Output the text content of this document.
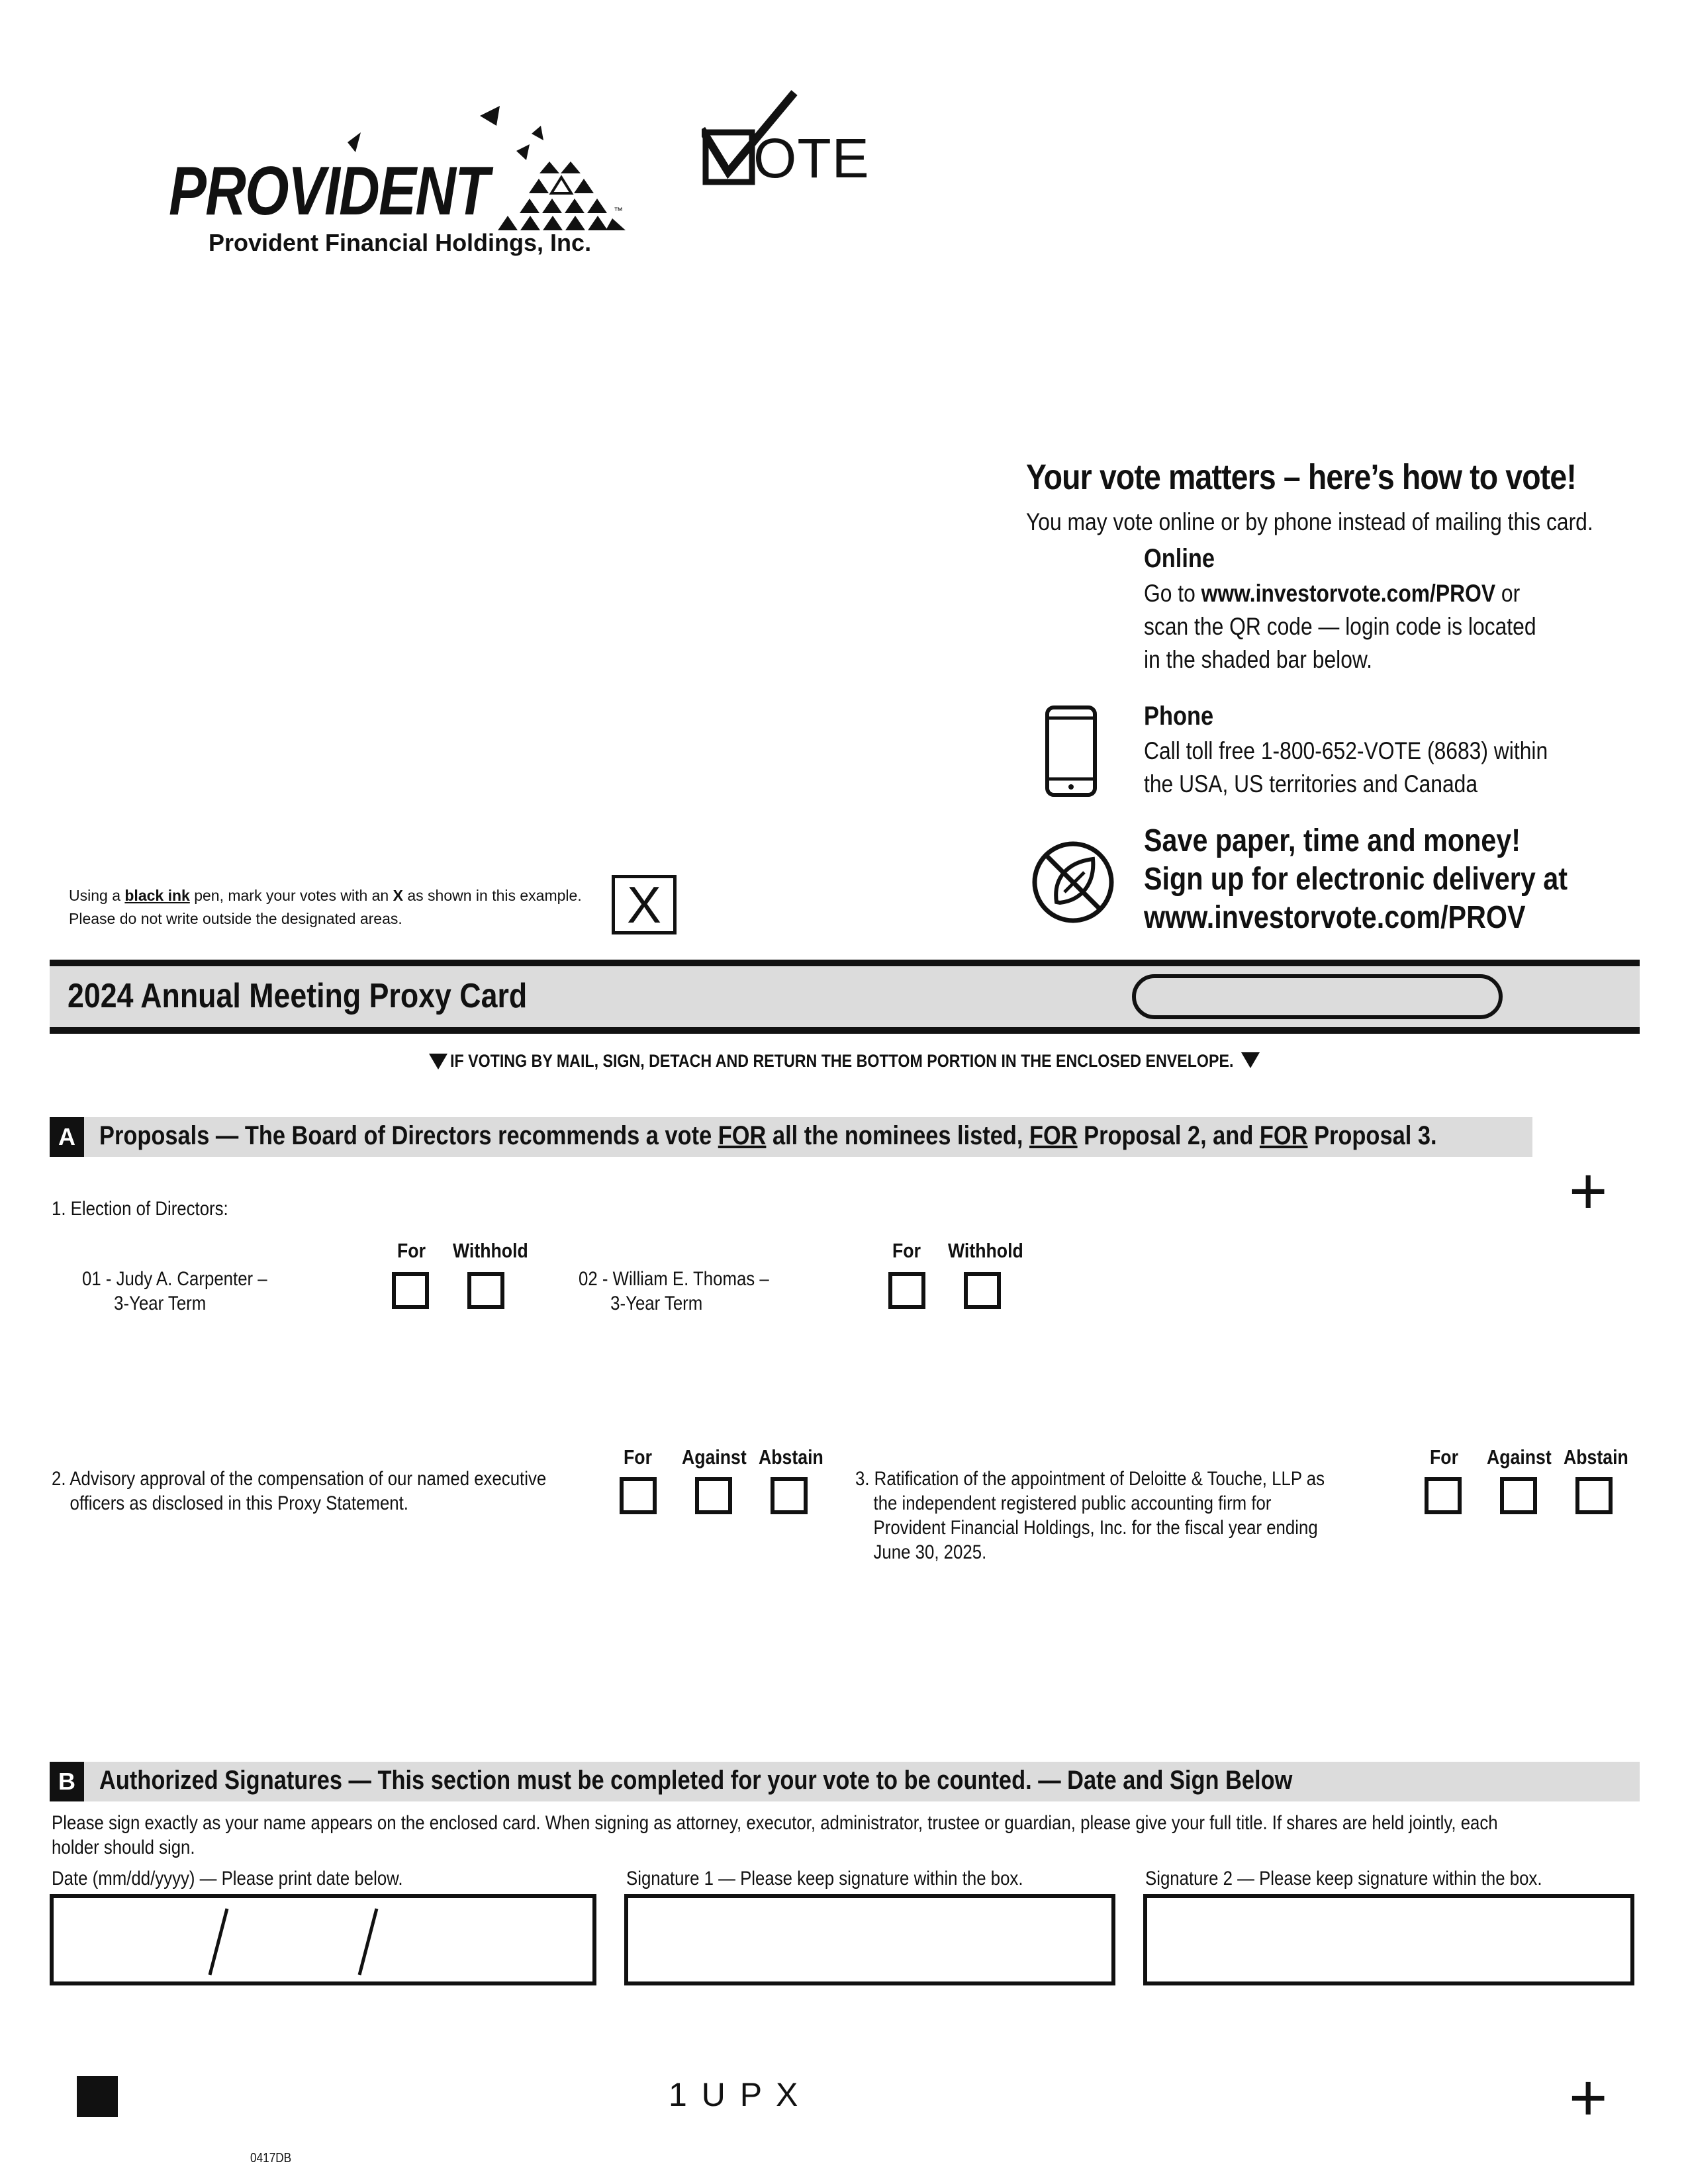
PROVIDENT	™
Provident Financial Holdings, Inc.
OTE
Your vote matters – here’s how to vote!
You may vote online or by phone instead of mailing this card.
Online
Go to www.investorvote.com/PROV or scan the QR code — login code is located in the shaded bar below.
Phone
Call toll free 1-800-652-VOTE (8683) within the USA, US territories and Canada
Save paper, time and money!
Sign up for electronic delivery at
www.investorvote.com/PROV
Using a black ink pen, mark your votes with an X as shown in this example.
Please do not write outside the designated areas.	X
2024 Annual Meeting Proxy Card
IF VOTING BY MAIL, SIGN, DETACH AND RETURN THE BOTTOM PORTION IN THE ENCLOSED ENVELOPE.
A Proposals — The Board of Directors recommends a vote FOR all the nominees listed, FOR Proposal 2, and FOR Proposal 3.
+
1. Election of Directors:
01 - Judy A. Carpenter –
3-Year Term
For Withhold
02 - William E. Thomas –
3-Year Term
For Withhold
2. Advisory approval of the compensation of our named executive
officers as disclosed in this Proxy Statement.
For Against Abstain
3. Ratification of the appointment of Deloitte & Touche, LLP as
the independent registered public accounting firm for
Provident Financial Holdings, Inc. for the fiscal year ending
June 30, 2025.
For Against Abstain
B Authorized Signatures — This section must be completed for your vote to be counted. — Date and Sign Below
Please sign exactly as your name appears on the enclosed card. When signing as attorney, executor, administrator, trustee or guardian, please give your full title. If shares are held jointly, each
holder should sign.
Date (mm/dd/yyyy) — Please print date below.	Signature 1 — Please keep signature within the box.	Signature 2 — Please keep signature within the box.
1 U P X	+
0417DB
